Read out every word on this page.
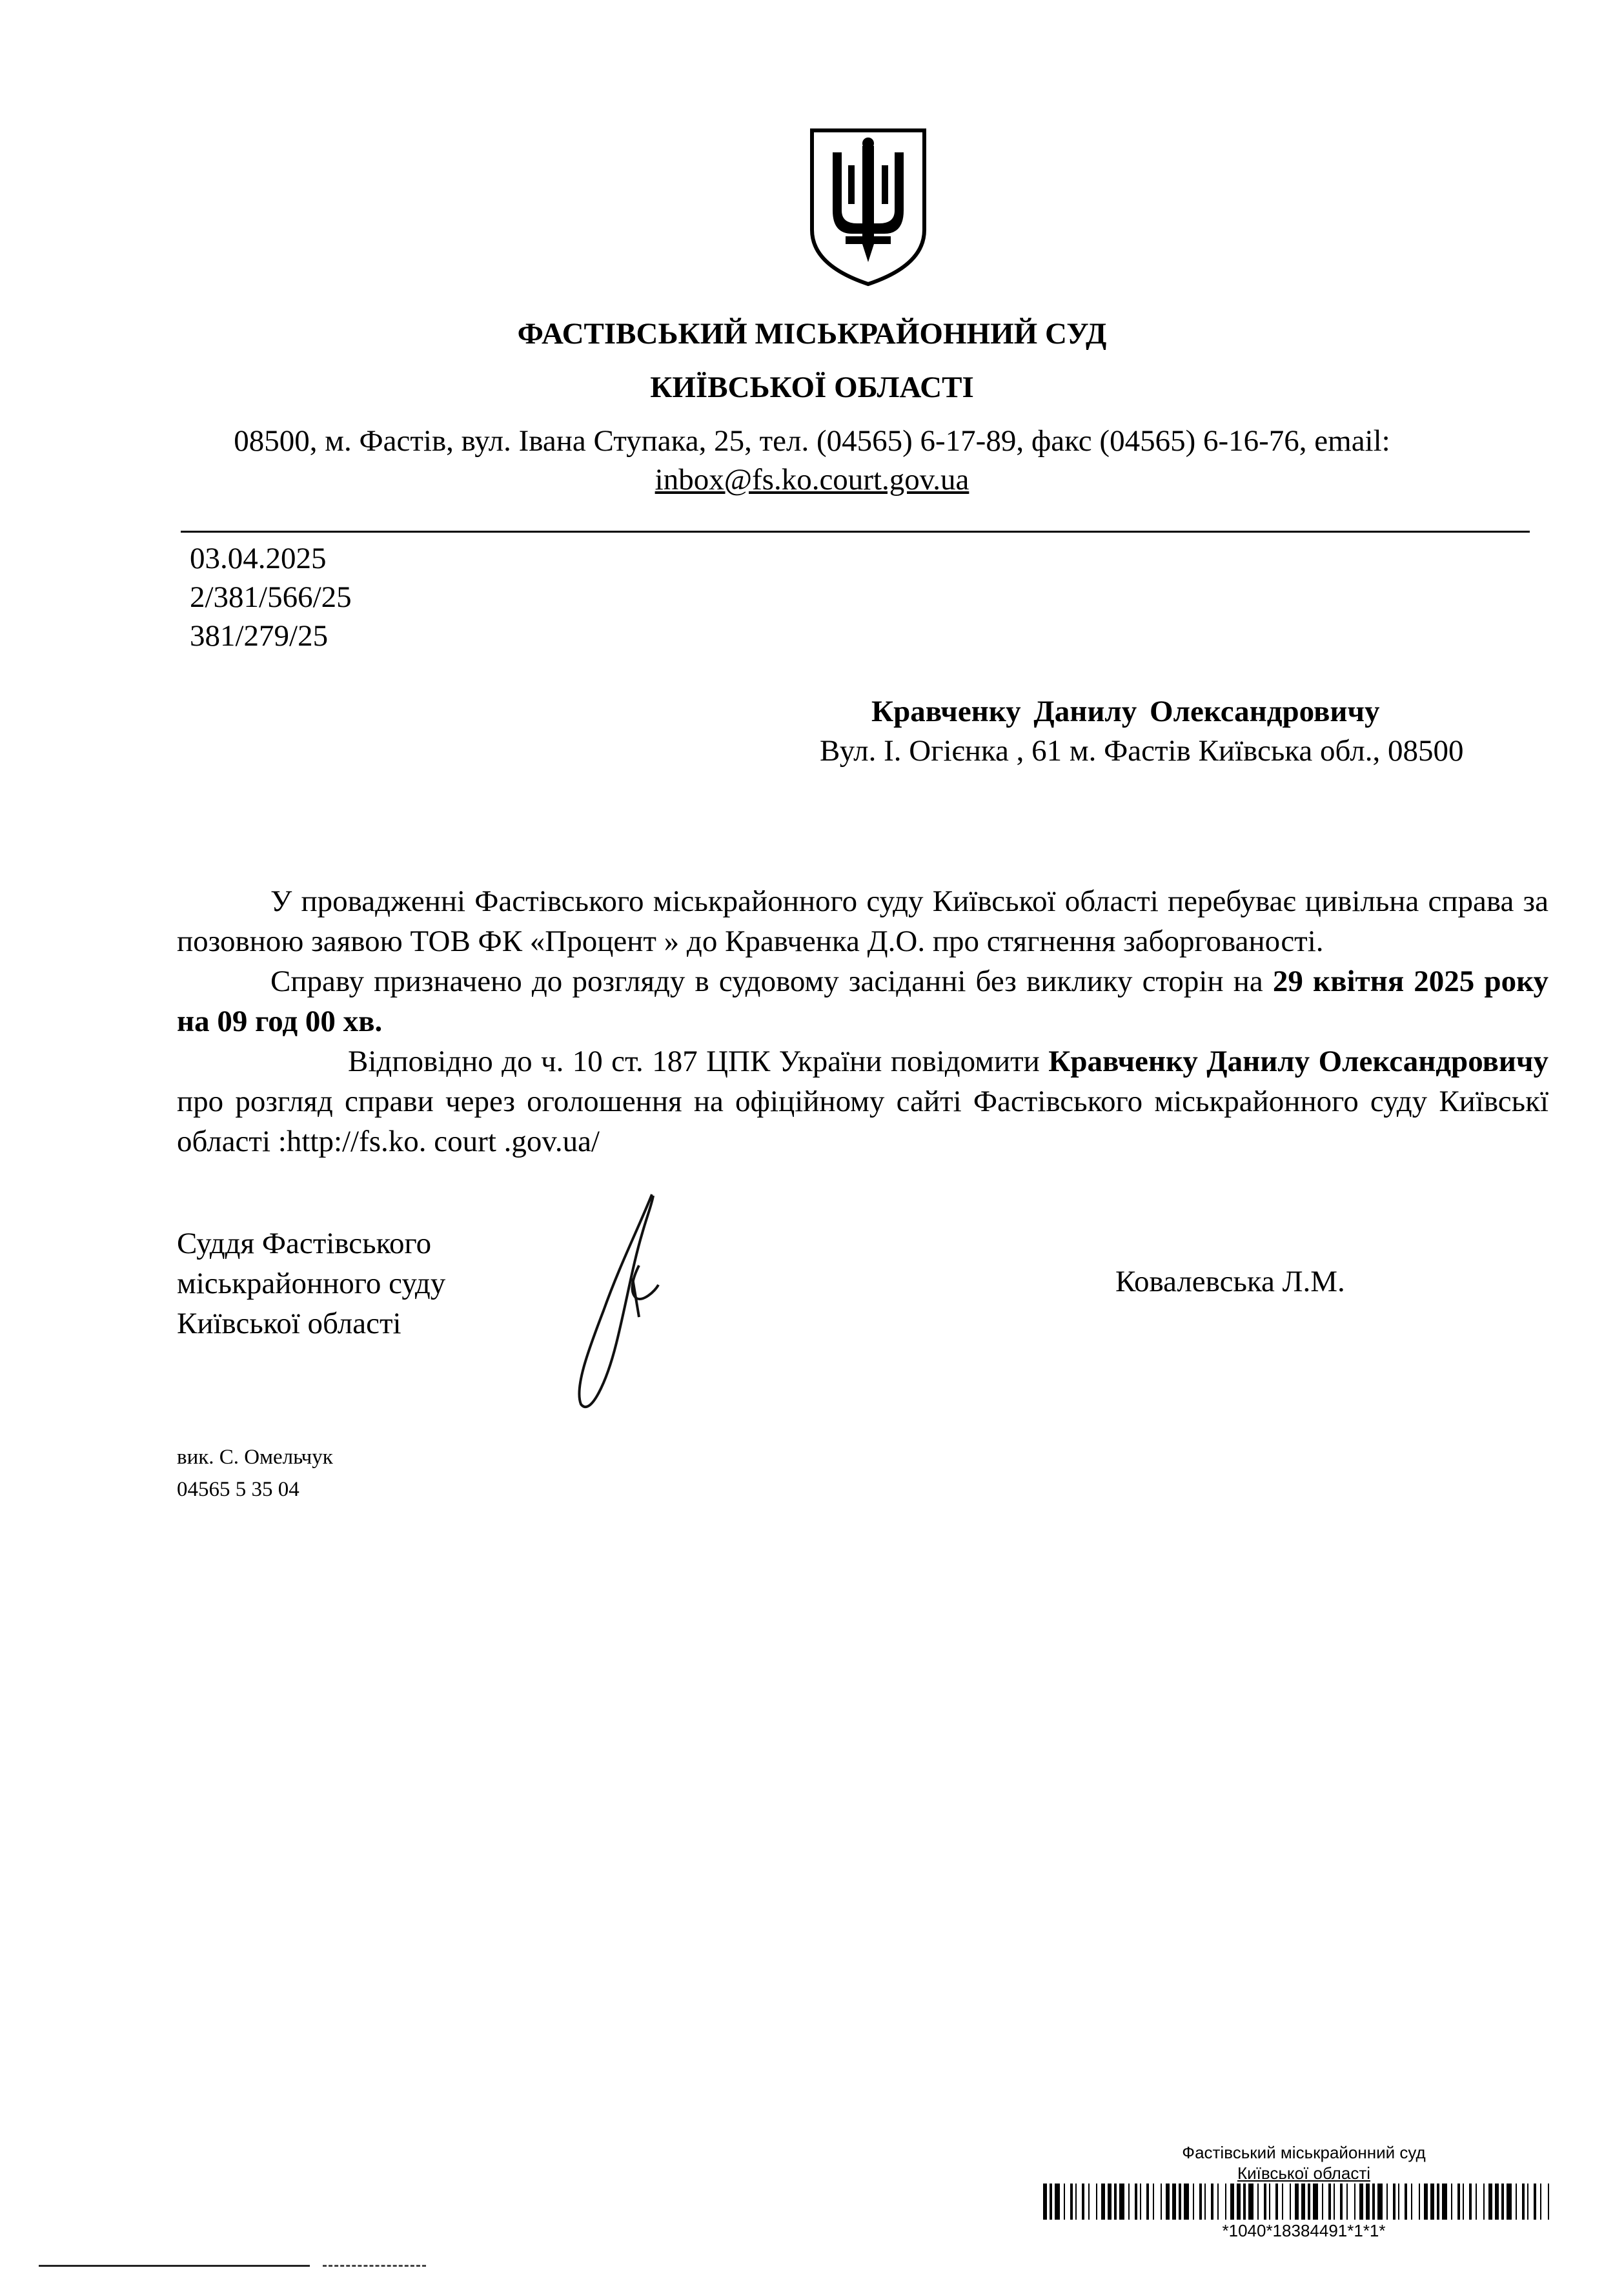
ФАСТІВСЬКИЙ МІСЬКРАЙОННИЙ СУД
КИЇВСЬКОЇ ОБЛАСТІ
08500, м. Фастів, вул. Івана Ступака, 25, тел. (04565) 6-17-89, факс (04565) 6-16-76, email:
inbox@fs.ko.court.gov.ua
03.04.2025
2/381/566/25
381/279/25
Кравченку Данилу Олександровичу
Вул. І. Огієнка , 61 м. Фастів Київська обл., 08500

У провадженні Фастівського міськрайонного суду Київської області перебуває цивільна справа за позовною заявою ТОВ ФК «Процент » до Кравченка Д.О. про стягнення заборгованості.

Справу призначено до розгляду в судовому засіданні без виклику сторін на 29 квітня 2025 року на 09 год 00 хв.

Відповідно до ч. 10 ст. 187 ЦПК України повідомити Кравченку Данилу Олександровичу про розгляд справи через оголошення на офіційному сайті Фастівського міськрайонного суду Київськї області :http://fs.ko. court .gov.ua/

Суддя Фастівського
міськрайонного суду
Київської області
Ковалевська Л.М.
вик. С. Омельчук
04565 5 35 04
Фастівський міськрайонний суд
Київської області
*1040*18384491*1*1*
